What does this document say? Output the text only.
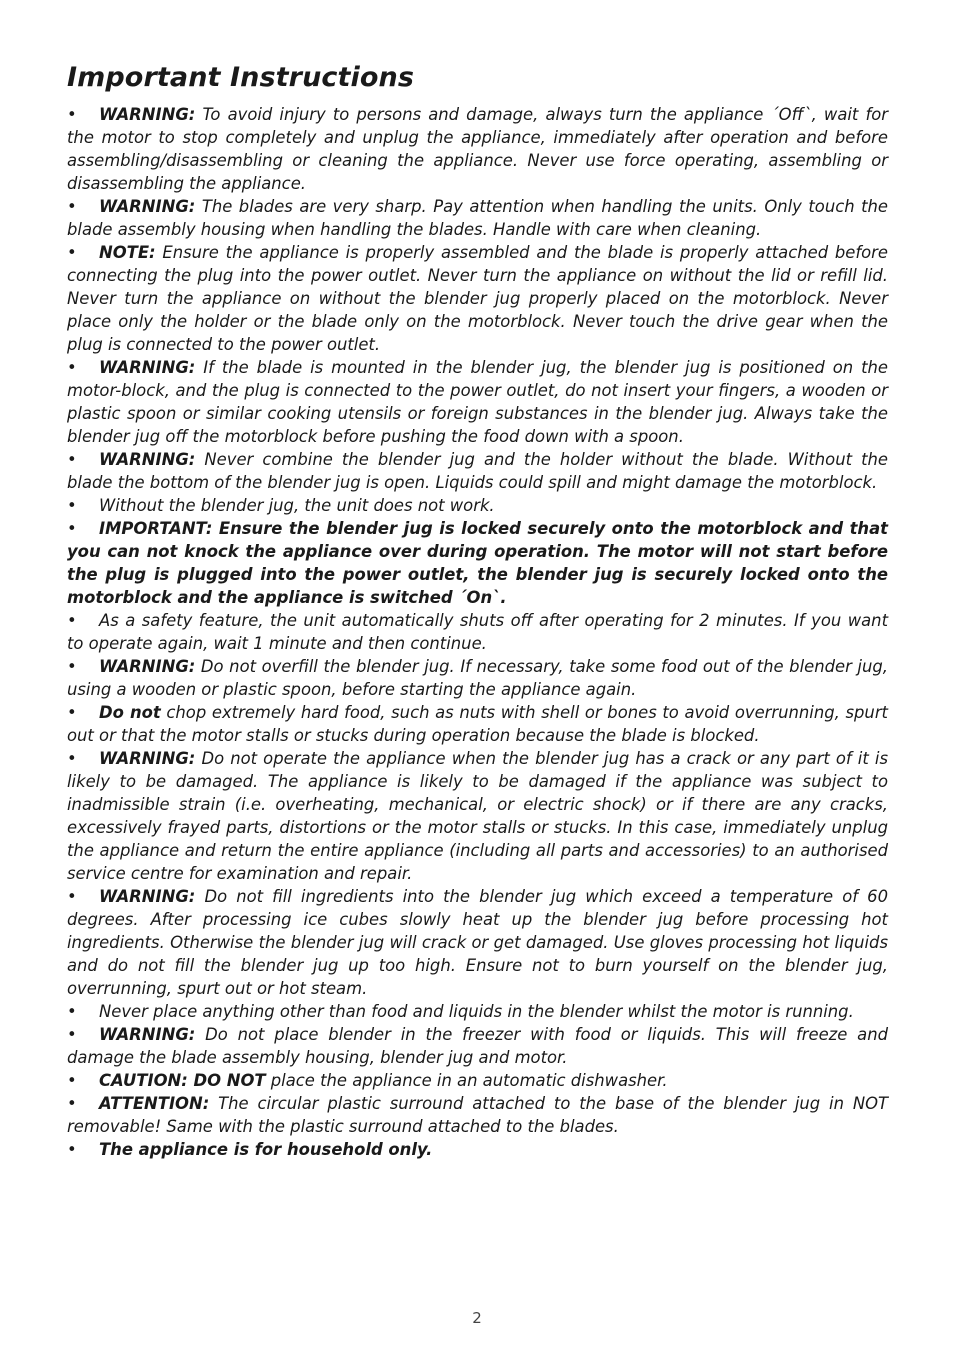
Important Instructions
• WARNING: To avoid injury to persons and damage, always turn the appliance ´Off`, wait for the motor to stop completely and unplug the appliance, immediately after operation and before assembling/disassembling or cleaning the appliance. Never use force operating, assembling or disassembling the appliance.
• WARNING: The blades are very sharp. Pay attention when handling the units. Only touch the blade assembly housing when handling the blades. Handle with care when cleaning.
• NOTE: Ensure the appliance is properly assembled and the blade is properly attached before connecting the plug into the power outlet. Never turn the appliance on without the lid or refill lid. Never turn the appliance on without the blender jug properly placed on the motorblock. Never place only the holder or the blade only on the motorblock. Never touch the drive gear when the plug is connected to the power outlet.
• WARNING: If the blade is mounted in the blender jug, the blender jug is positioned on the motor-block, and the plug is connected to the power outlet, do not insert your fingers, a wooden or plastic spoon or similar cooking utensils or foreign substances in the blender jug. Always take the blender jug off the motorblock before pushing the food down with a spoon.
• WARNING: Never combine the blender jug and the holder without the blade. Without the blade the bottom of the blender jug is open. Liquids could spill and might damage the motorblock.
• Without the blender jug, the unit does not work.
• IMPORTANT: Ensure the blender jug is locked securely onto the motorblock and that you can not knock the appliance over during operation. The motor will not start before the plug is plugged into the power outlet, the blender jug is securely locked onto the motorblock and the appliance is switched ´On`.
• As a safety feature, the unit automatically shuts off after operating for 2 minutes. If you want to operate again, wait 1 minute and then continue.
• WARNING: Do not overfill the blender jug. If necessary, take some food out of the blender jug, using a wooden or plastic spoon, before starting the appliance again.
• Do not chop extremely hard food, such as nuts with shell or bones to avoid overrunning, spurt out or that the motor stalls or stucks during operation because the blade is blocked.
• WARNING: Do not operate the appliance when the blender jug has a crack or any part of it is likely to be damaged. The appliance is likely to be damaged if the appliance was subject to inadmissible strain (i.e. overheating, mechanical, or electric shock) or if there are any cracks, excessively frayed parts, distortions or the motor stalls or stucks. In this case, immediately unplug the appliance and return the entire appliance (including all parts and accessories) to an authorised service centre for examination and repair.
• WARNING: Do not fill ingredients into the blender jug which exceed a temperature of 60 degrees. After processing ice cubes slowly heat up the blender jug before processing hot ingredients. Otherwise the blender jug will crack or get damaged. Use gloves processing hot liquids and do not fill the blender jug up too high. Ensure not to burn yourself on the blender jug, overrunning, spurt out or hot steam.
• Never place anything other than food and liquids in the blender whilst the motor is running.
• WARNING: Do not place blender in the freezer with food or liquids. This will freeze and damage the blade assembly housing, blender jug and motor.
• CAUTION: DO NOT place the appliance in an automatic dishwasher.
• ATTENTION: The circular plastic surround attached to the base of the blender jug in NOT removable! Same with the plastic surround attached to the blades.
• The appliance is for household only.
2
